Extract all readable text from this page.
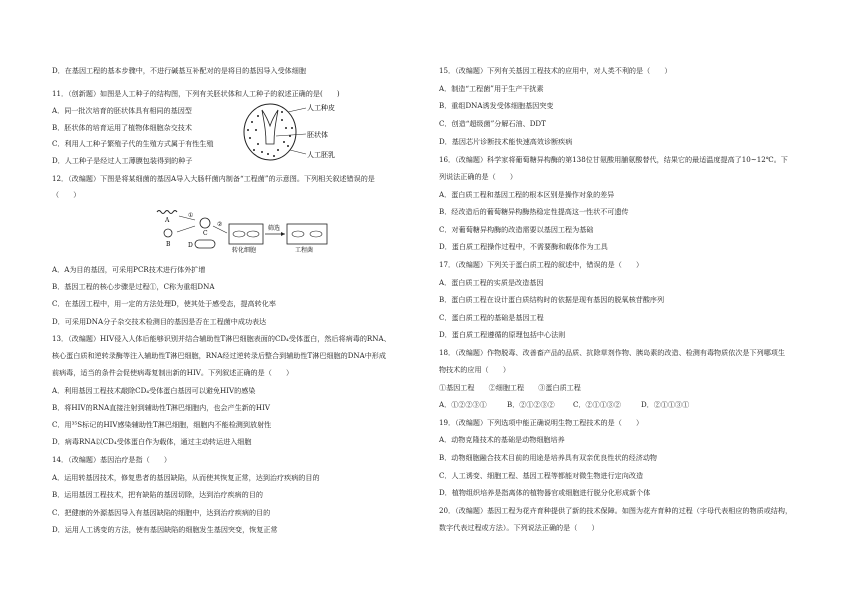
D．在基因工程的基本步骤中，不进行碱基互补配对的是将目的基因导入受体细胞
11．（创新题）如图是人工种子的结构图，下列有关胚状体和人工种子的叙述正确的是(　　)
A．同一批次培育的胚状体具有相同的基因型
B．胚状体的培育运用了植物体细胞杂交技术
C．利用人工种子繁殖子代的生殖方式属于有性生殖
D．人工种子是经过人工薄膜包装得到的种子
12．（改编题）下图是将某细菌的基因A导入大肠杆菌内制备“工程菌”的示意图。下列相关叙述错误的是
（　　）
A．A为目的基因，可采用PCR技术进行体外扩增
B．基因工程的核心步骤是过程①，C称为重组DNA
C．在基因工程中，用一定的方法处理D，使其处于感受态，提高转化率
D．可采用DNA分子杂交技术检测目的基因是否在工程菌中成功表达
13．（改编题）HIV侵入人体后能够识别并结合辅助性T淋巴细胞表面的CD₄受体蛋白，然后将病毒的RNA、
核心蛋白质和逆转录酶等注入辅助性T淋巴细胞，RNA经过逆转录后整合到辅助性T淋巴细胞的DNA中形成
前病毒，适当的条件会促使病毒复制出新的HIV。下列叙述正确的是（　　）
A．利用基因工程技术敲除CD₄受体蛋白基因可以避免HIV的感染
B．将HIV的RNA直接注射到辅助性T淋巴细胞内，也会产生新的HIV
C．用³⁵S标记的HIV感染辅助性T淋巴细胞，细胞内不能检测到放射性
D．病毒RNA以CD₄受体蛋白作为载体，通过主动转运进入细胞
14．（改编题）基因治疗是指（　　）
A．运用转基因技术，修复患者的基因缺陷，从而使其恢复正常，达到治疗疾病的目的
B．运用基因工程技术，把有缺陷的基因切除，达到治疗疾病的目的
C．把健康的外源基因导入有基因缺陷的细胞中，达到治疗疾病的目的
D．运用人工诱变的方法，使有基因缺陷的细胞发生基因突变，恢复正常
人工种皮
胚状体
人工胚乳
A
B
①
C
D
②
转化细胞
筛选
工程菌
15．（改编题）下列有关基因工程技术的应用中，对人类不利的是（　　）
A．制造“工程菌”用于生产干扰素
B．重组DNA诱发受体细胞基因突变
C．创造“超级菌”分解石油、DDT
D．基因芯片诊断技术能快速高效诊断疾病
16．（改编题）科学家将葡萄糖异构酶的第138位甘氨酸用脯氨酸替代，结果它的最适温度提高了10~12℃。下
列说法正确的是（　　）
A．蛋白质工程和基因工程的根本区别是操作对象的差异
B．经改造后的葡萄糖异构酶热稳定性提高这一性状不可遗传
C．对葡萄糖异构酶的改造需要以基因工程为基础
D．蛋白质工程操作过程中，不需要酶和载体作为工具
17．（改编题）下列关于蛋白质工程的叙述中，错误的是（　　）
A．蛋白质工程的实质是改造基因
B．蛋白质工程在设计蛋白质结构时的依据是现有基因的脱氧核苷酸序列
C．蛋白质工程的基础是基因工程
D．蛋白质工程遵循的原理包括中心法则
18．（改编题）作物脱毒、改善畜产品的品质、抗除草剂作物、胰岛素的改造、检测有毒物质依次是下列哪项生
物技术的应用（　　）
①基因工程　　②细胞工程　　③蛋白质工程
A．①②②③①	B．②①②③②	C．②①①③②	D．②①①③①
19．（改编题）下列选项中能正确说明生物工程技术的是（　　）
A．动物克隆技术的基础是动物细胞培养
B．动物细胞融合技术目前的用途是培养具有双亲优良性状的经济动物
C．人工诱变、细胞工程、基因工程等都能对微生物进行定向改造
D．植物组织培养是指离体的植物器官或细胞进行脱分化形成新个体
20．（改编题）基因工程为花卉育种提供了新的技术保障。如图为花卉育种的过程（字母代表相应的物质或结构，
数字代表过程或方法）。下列说法正确的是（　　）
